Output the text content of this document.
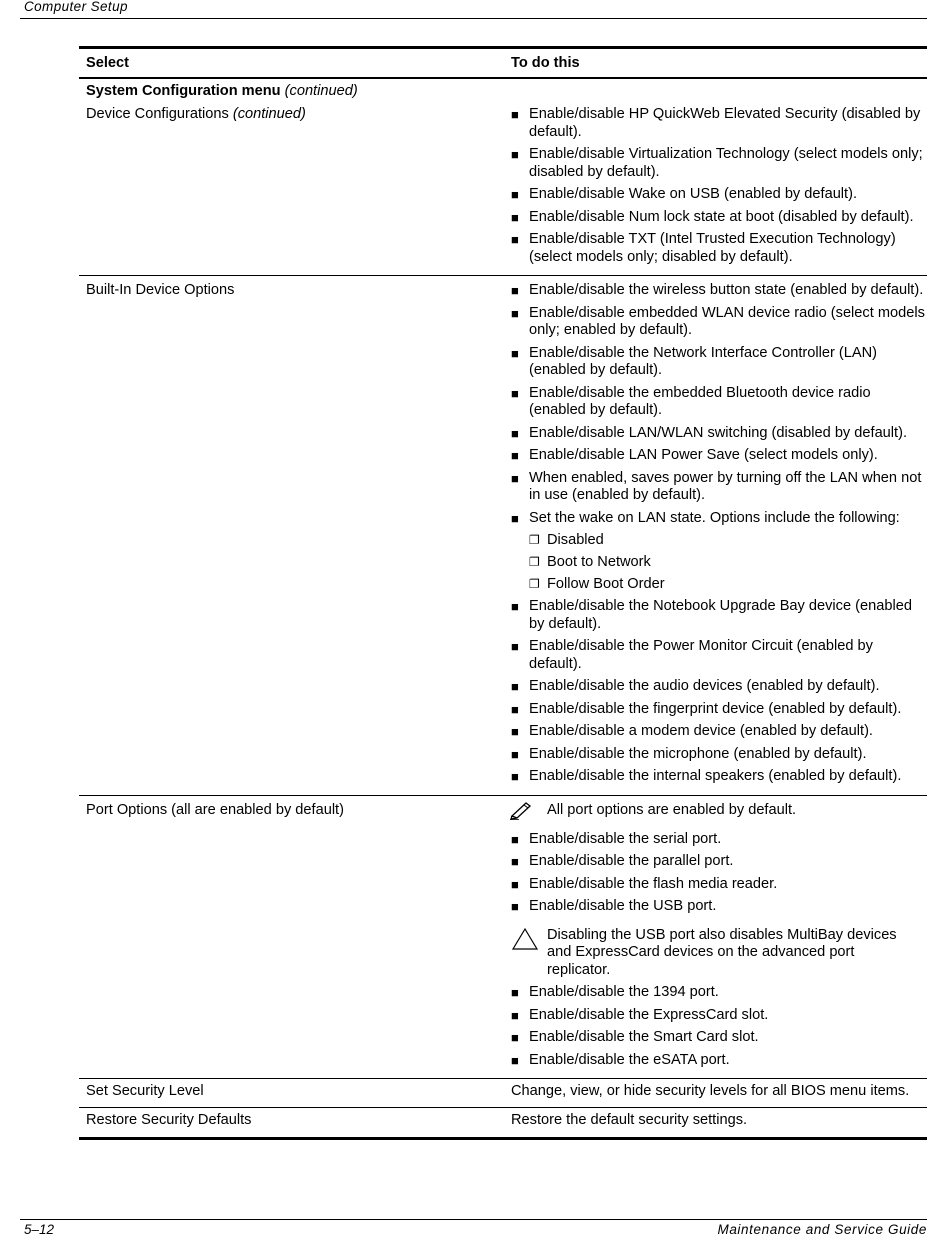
Computer Setup
Select	To do this
System Configuration menu (continued)
Device Configurations (continued)	■ Enable/disable HP QuickWeb Elevated Security (disabled by default).
■ Enable/disable Virtualization Technology (select models only; disabled by default).
■ Enable/disable Wake on USB (enabled by default).
■ Enable/disable Num lock state at boot (disabled by default).
■ Enable/disable TXT (Intel Trusted Execution Technology) (select models only; disabled by default).
Built-In Device Options	■ Enable/disable the wireless button state (enabled by default).
■ Enable/disable embedded WLAN device radio (select models only; enabled by default).
■ Enable/disable the Network Interface Controller (LAN) (enabled by default).
■ Enable/disable the embedded Bluetooth device radio (enabled by default).
■ Enable/disable LAN/WLAN switching (disabled by default).
■ Enable/disable LAN Power Save (select models only).
■ When enabled, saves power by turning off the LAN when not in use (enabled by default).
■ Set the wake on LAN state. Options include the following:
❐ Disabled
❐ Boot to Network
❐ Follow Boot Order
■ Enable/disable the Notebook Upgrade Bay device (enabled by default).
■ Enable/disable the Power Monitor Circuit (enabled by default).
■ Enable/disable the audio devices (enabled by default).
■ Enable/disable the fingerprint device (enabled by default).
■ Enable/disable a modem device (enabled by default).
■ Enable/disable the microphone (enabled by default).
■ Enable/disable the internal speakers (enabled by default).
Port Options (all are enabled by default)	All port options are enabled by default.
■ Enable/disable the serial port.
■ Enable/disable the parallel port.
■ Enable/disable the flash media reader.
■ Enable/disable the USB port.
Disabling the USB port also disables MultiBay devices and ExpressCard devices on the advanced port replicator.
■ Enable/disable the 1394 port.
■ Enable/disable the ExpressCard slot.
■ Enable/disable the Smart Card slot.
■ Enable/disable the eSATA port.
Set Security Level	Change, view, or hide security levels for all BIOS menu items.
Restore Security Defaults	Restore the default security settings.
5–12	Maintenance and Service Guide
